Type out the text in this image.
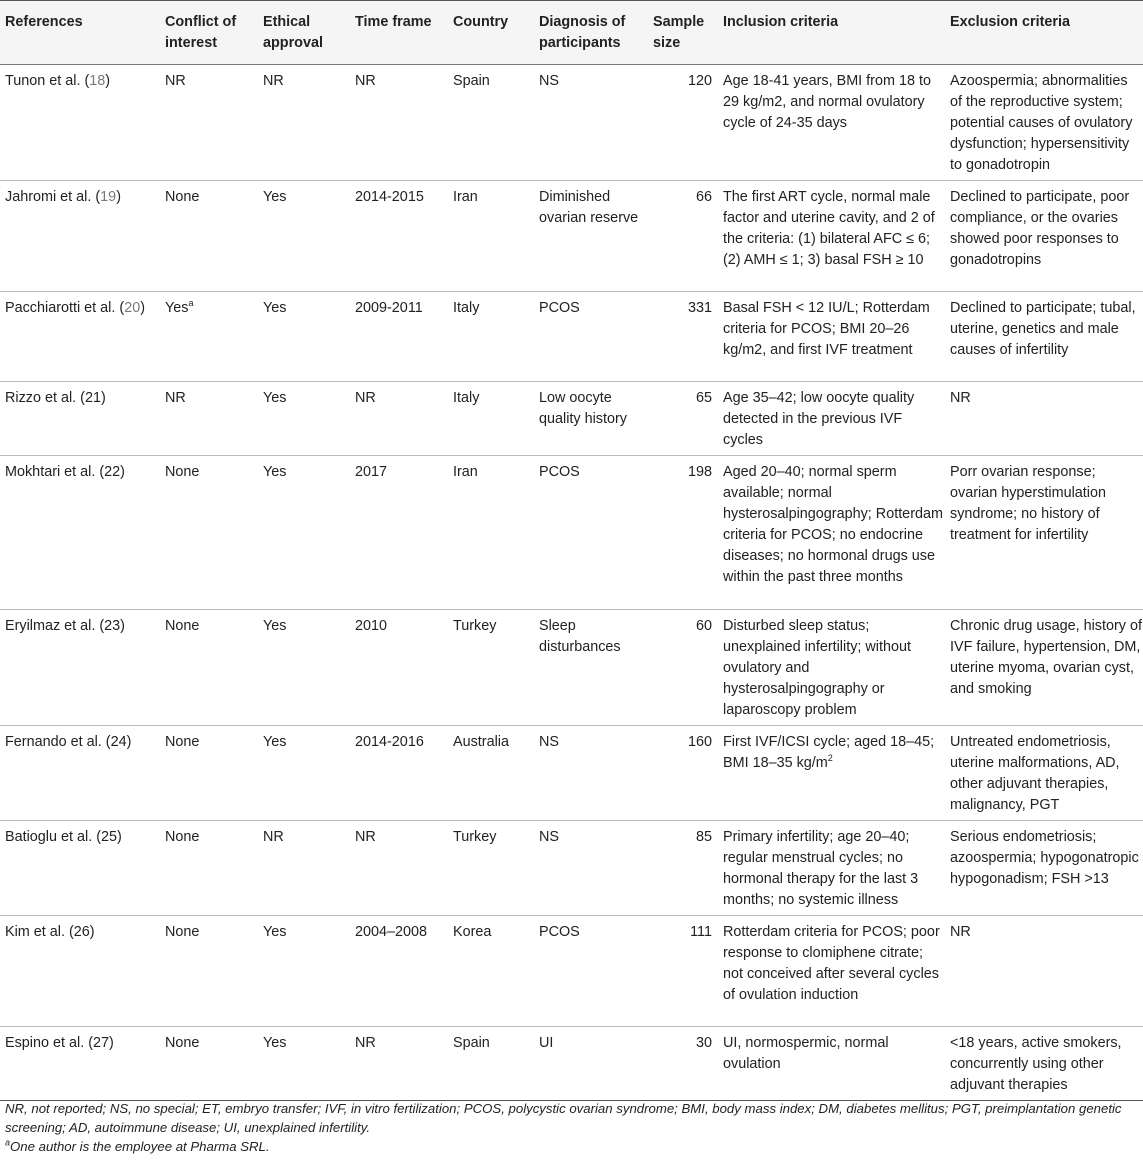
References	Conflict of interest	Ethical approval	Time frame	Country	Diagnosis of participants	Sample size	Inclusion criteria	Exclusion criteria
Tunon et al. (18)	NR	NR	NR	Spain	NS	120	Age 18-41 years, BMI from 18 to 29 kg/m2, and normal ovulatory cycle of 24-35 days	Azoospermia; abnormalities of the reproductive system; potential causes of ovulatory dysfunction; hypersensitivity to gonadotropin
Jahromi et al. (19)	None	Yes	2014-2015	Iran	Diminished ovarian reserve	66	The first ART cycle, normal male factor and uterine cavity, and 2 of the criteria: (1) bilateral AFC ≤ 6; (2) AMH ≤ 1; 3) basal FSH ≥ 10	Declined to participate, poor compliance, or the ovaries showed poor responses to gonadotropins
Pacchiarotti et al. (20)	Yes$^a$	Yes	2009-2011	Italy	PCOS	331	Basal FSH < 12 IU/L; Rotterdam criteria for PCOS; BMI 20–26 kg/m2, and first IVF treatment	Declined to participate; tubal, uterine, genetics and male causes of infertility
Rizzo et al. (21)	NR	Yes	NR	Italy	Low oocyte quality history	65	Age 35–42; low oocyte quality detected in the previous IVF cycles	NR
Mokhtari et al. (22)	None	Yes	2017	Iran	PCOS	198	Aged 20–40; normal sperm available; normal hysterosalpingography; Rotterdam criteria for PCOS; no endocrine diseases; no hormonal drugs use within the past three months	Porr ovarian response; ovarian hyperstimulation syndrome; no history of treatment for infertility
Eryilmaz et al. (23)	None	Yes	2010	Turkey	Sleep disturbances	60	Disturbed sleep status; unexplained infertility; without ovulatory and hysterosalpingography or laparoscopy problem	Chronic drug usage, history of IVF failure, hypertension, DM, uterine myoma, ovarian cyst, and smoking
Fernando et al. (24)	None	Yes	2014-2016	Australia	NS	160	First IVF/ICSI cycle; aged 18–45; BMI 18–35 $kg/m^2$	Untreated endometriosis, uterine malformations, AD, other adjuvant therapies, malignancy, PGT
Batioglu et al. (25)	None	NR	NR	Turkey	NS	85	Primary infertility; age 20–40; regular menstrual cycles; no hormonal therapy for the last 3 months; no systemic illness	Serious endometriosis; azoospermia; hypogonatropic hypogonadism; FSH >13
Kim et al. (26)	None	Yes	2004–2008	Korea	PCOS	111	Rotterdam criteria for PCOS; poor response to clomiphene citrate; not conceived after several cycles of ovulation induction	NR
Espino et al. (27)	None	Yes	NR	Spain	UI	30	UI, normospermic, normal ovulation	<18 years, active smokers, concurrently using other adjuvant therapies

NR, not reported; NS, no special; ET, embryo transfer; IVF, in vitro fertilization; PCOS, polycystic ovarian syndrome; BMI, body mass index; DM, diabetes mellitus; PGT, preimplantation genetic screening; AD, autoimmune disease; UI, unexplained infertility.

$^a$One author is the employee at Pharma SRL.
